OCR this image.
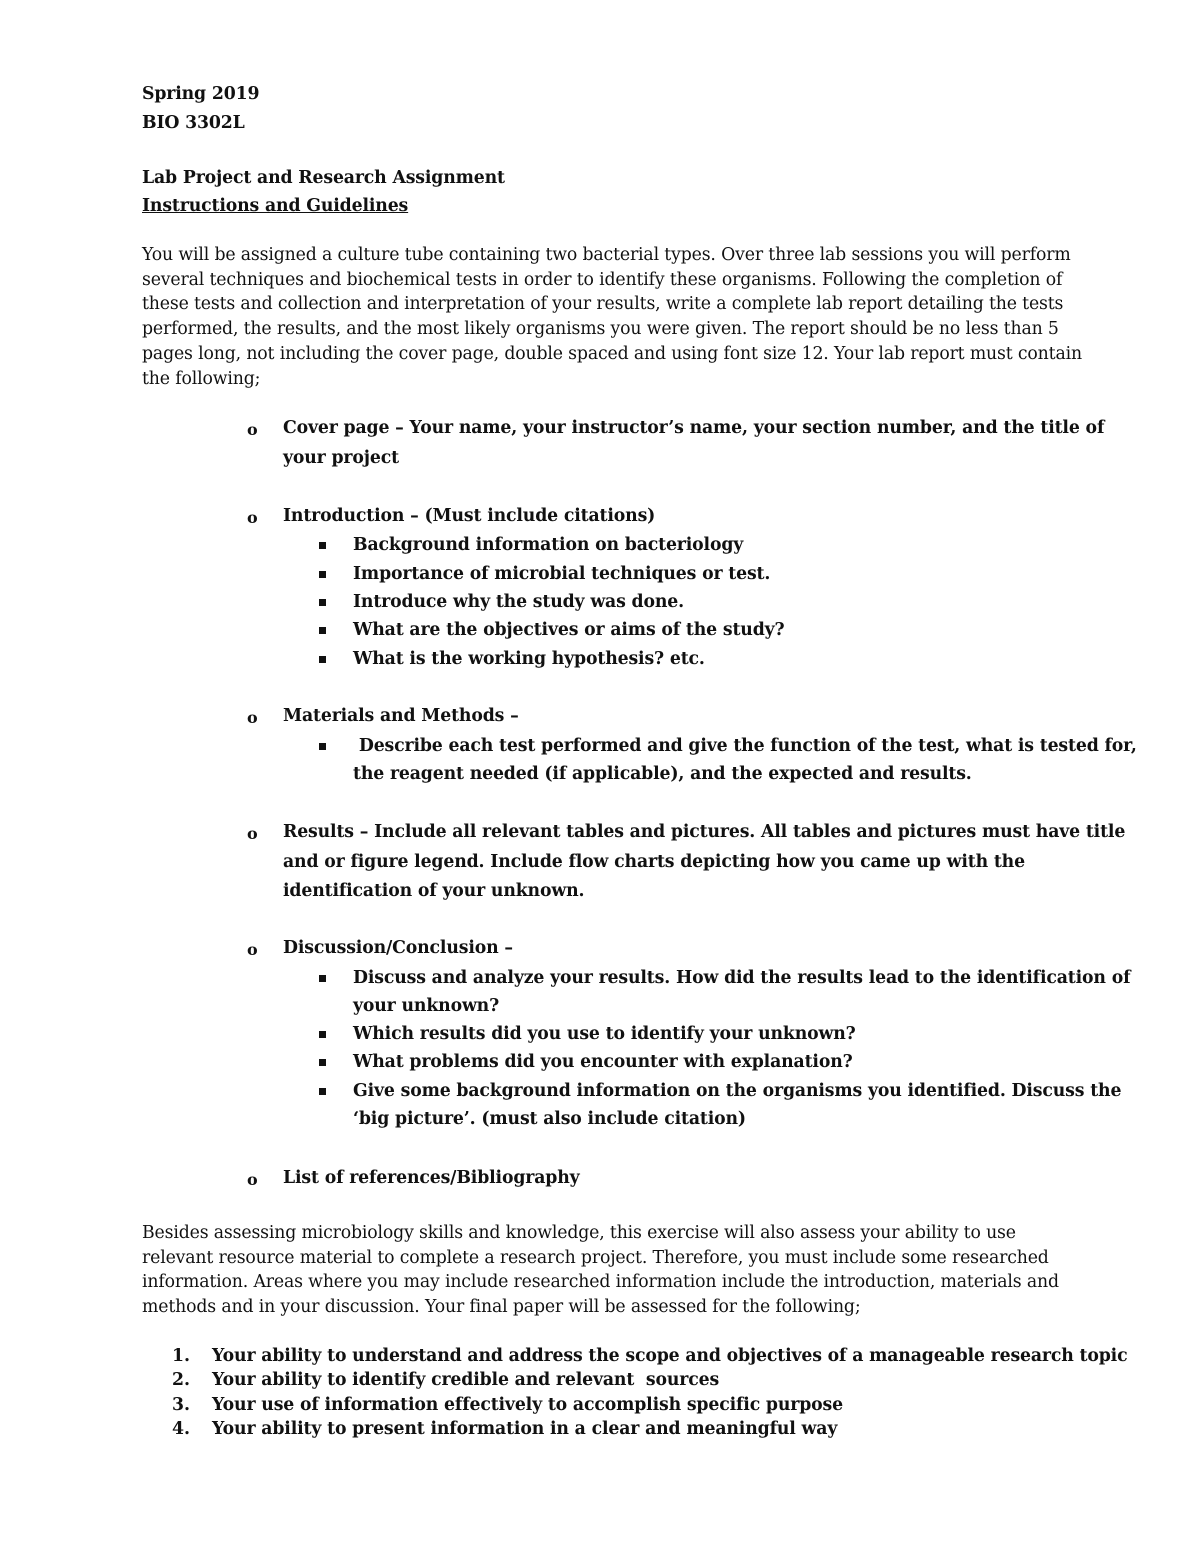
Spring 2019
BIO 3302L
Lab Project and Research Assignment
Instructions and Guidelines
You will be assigned a culture tube containing two bacterial types. Over three lab sessions you will perform
several techniques and biochemical tests in order to identify these organisms. Following the completion of
these tests and collection and interpretation of your results, write a complete lab report detailing the tests
performed, the results, and the most likely organisms you were given. The report should be no less than 5
pages long, not including the cover page, double spaced and using font size 12. Your lab report must contain
the following;
o Cover page – Your name, your instructor’s name, your section number, and the title of
your project
o Introduction – (Must include citations)
Background information on bacteriology
Importance of microbial techniques or test.
Introduce why the study was done.
What are the objectives or aims of the study?
What is the working hypothesis? etc.
o Materials and Methods –
Describe each test performed and give the function of the test, what is tested for,
the reagent needed (if applicable), and the expected and results.
o Results – Include all relevant tables and pictures. All tables and pictures must have title
and or figure legend. Include flow charts depicting how you came up with the
identification of your unknown.
o Discussion/Conclusion –
Discuss and analyze your results. How did the results lead to the identification of
your unknown?
Which results did you use to identify your unknown?
What problems did you encounter with explanation?
Give some background information on the organisms you identified. Discuss the
‘big picture’. (must also include citation)
o List of references/Bibliography
Besides assessing microbiology skills and knowledge, this exercise will also assess your ability to use
relevant resource material to complete a research project. Therefore, you must include some researched
information. Areas where you may include researched information include the introduction, materials and
methods and in your discussion. Your final paper will be assessed for the following;
1. Your ability to understand and address the scope and objectives of a manageable research topic
2. Your ability to identify credible and relevant  sources
3. Your use of information effectively to accomplish specific purpose
4. Your ability to present information in a clear and meaningful way
